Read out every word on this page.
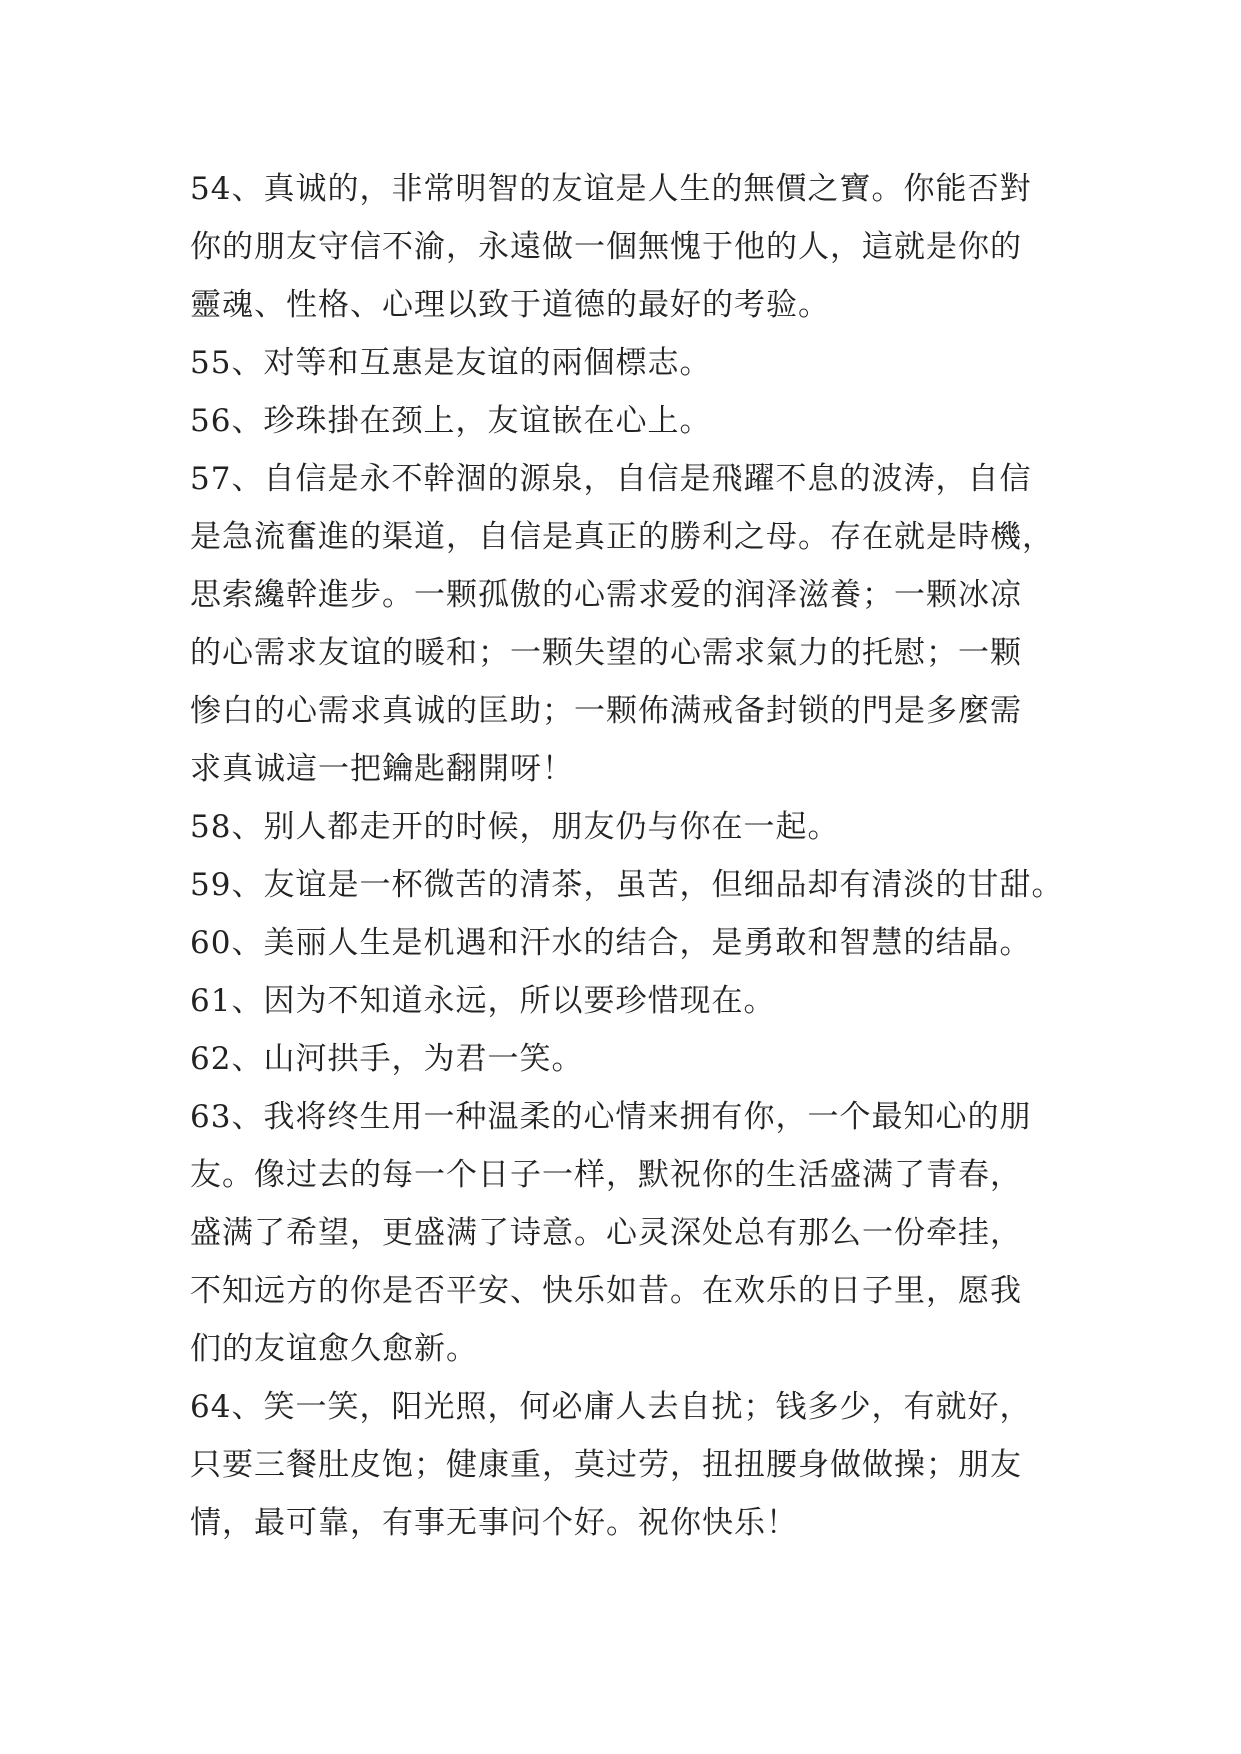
54、真诚的，非常明智的友谊是人生的無價之寶。你能否對
你的朋友守信不渝，永遠做一個無愧于他的人，這就是你的
靈魂、性格、心理以致于道德的最好的考验。
55、对等和互惠是友谊的兩個標志。
56、珍珠掛在颈上，友谊嵌在心上。
57、自信是永不幹涸的源泉，自信是飛躍不息的波涛，自信
是急流奮進的渠道，自信是真正的勝利之母。存在就是時機，
思索纔幹進步。一颗孤傲的心需求爱的润泽滋養；一颗冰凉
的心需求友谊的暖和；一颗失望的心需求氣力的托慰；一颗
惨白的心需求真诚的匡助；一颗佈满戒备封锁的門是多麼需
求真诚這一把鑰匙翻開呀！
58、别人都走开的时候，朋友仍与你在一起。
59、友谊是一杯微苦的清茶，虽苦，但细品却有清淡的甘甜。
60、美丽人生是机遇和汗水的结合，是勇敢和智慧的结晶。
61、因为不知道永远，所以要珍惜现在。
62、山河拱手，为君一笑。
63、我将终生用一种温柔的心情来拥有你，一个最知心的朋
友。像过去的每一个日子一样，默祝你的生活盛满了青春，
盛满了希望，更盛满了诗意。心灵深处总有那么一份牵挂，
不知远方的你是否平安、快乐如昔。在欢乐的日子里，愿我
们的友谊愈久愈新。
64、笑一笑，阳光照，何必庸人去自扰；钱多少，有就好，
只要三餐肚皮饱；健康重，莫过劳，扭扭腰身做做操；朋友
情，最可靠，有事无事问个好。祝你快乐！
